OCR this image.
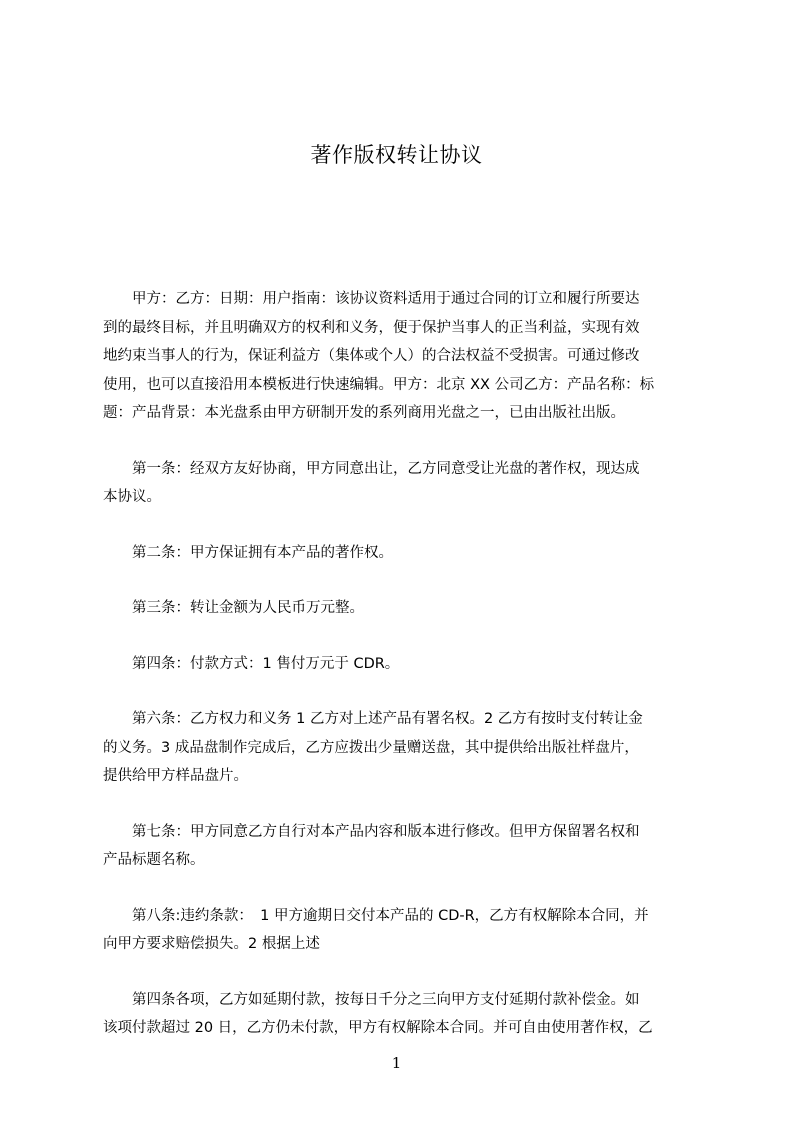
著作版权转让协议
　　甲方：乙方：日期：用户指南：该协议资料适用于通过合同的订立和履行所要达
到的最终目标，并且明确双方的权利和义务，便于保护当事人的正当利益，实现有效
地约束当事人的行为，保证利益方（集体或个人）的合法权益不受损害。可通过修改
使用，也可以直接沿用本模板进行快速编辑。甲方：北京 XX 公司乙方：产品名称：标
题：产品背景：本光盘系由甲方研制开发的系列商用光盘之一，已由出版社出版。
　　第一条：经双方友好协商，甲方同意出让，乙方同意受让光盘的著作权，现达成
本协议。
　　第二条：甲方保证拥有本产品的著作权。
　　第三条：转让金额为人民币万元整。
　　第四条：付款方式：1 售付万元于 CDR。
　　第六条：乙方权力和义务 1 乙方对上述产品有署名权。2 乙方有按时支付转让金
的义务。3 成品盘制作完成后，乙方应拨出少量赠送盘，其中提供给出版社样盘片，
提供给甲方样品盘片。
　　第七条：甲方同意乙方自行对本产品内容和版本进行修改。但甲方保留署名权和
产品标题名称。
　　第八条:违约条款：　1 甲方逾期日交付本产品的 CD-R，乙方有权解除本合同，并
向甲方要求赔偿损失。2 根据上述
　　第四条各项，乙方如延期付款，按每日千分之三向甲方支付延期付款补偿金。如
该项付款超过 20 日，乙方仍未付款，甲方有权解除本合同。并可自由使用著作权，乙
1
